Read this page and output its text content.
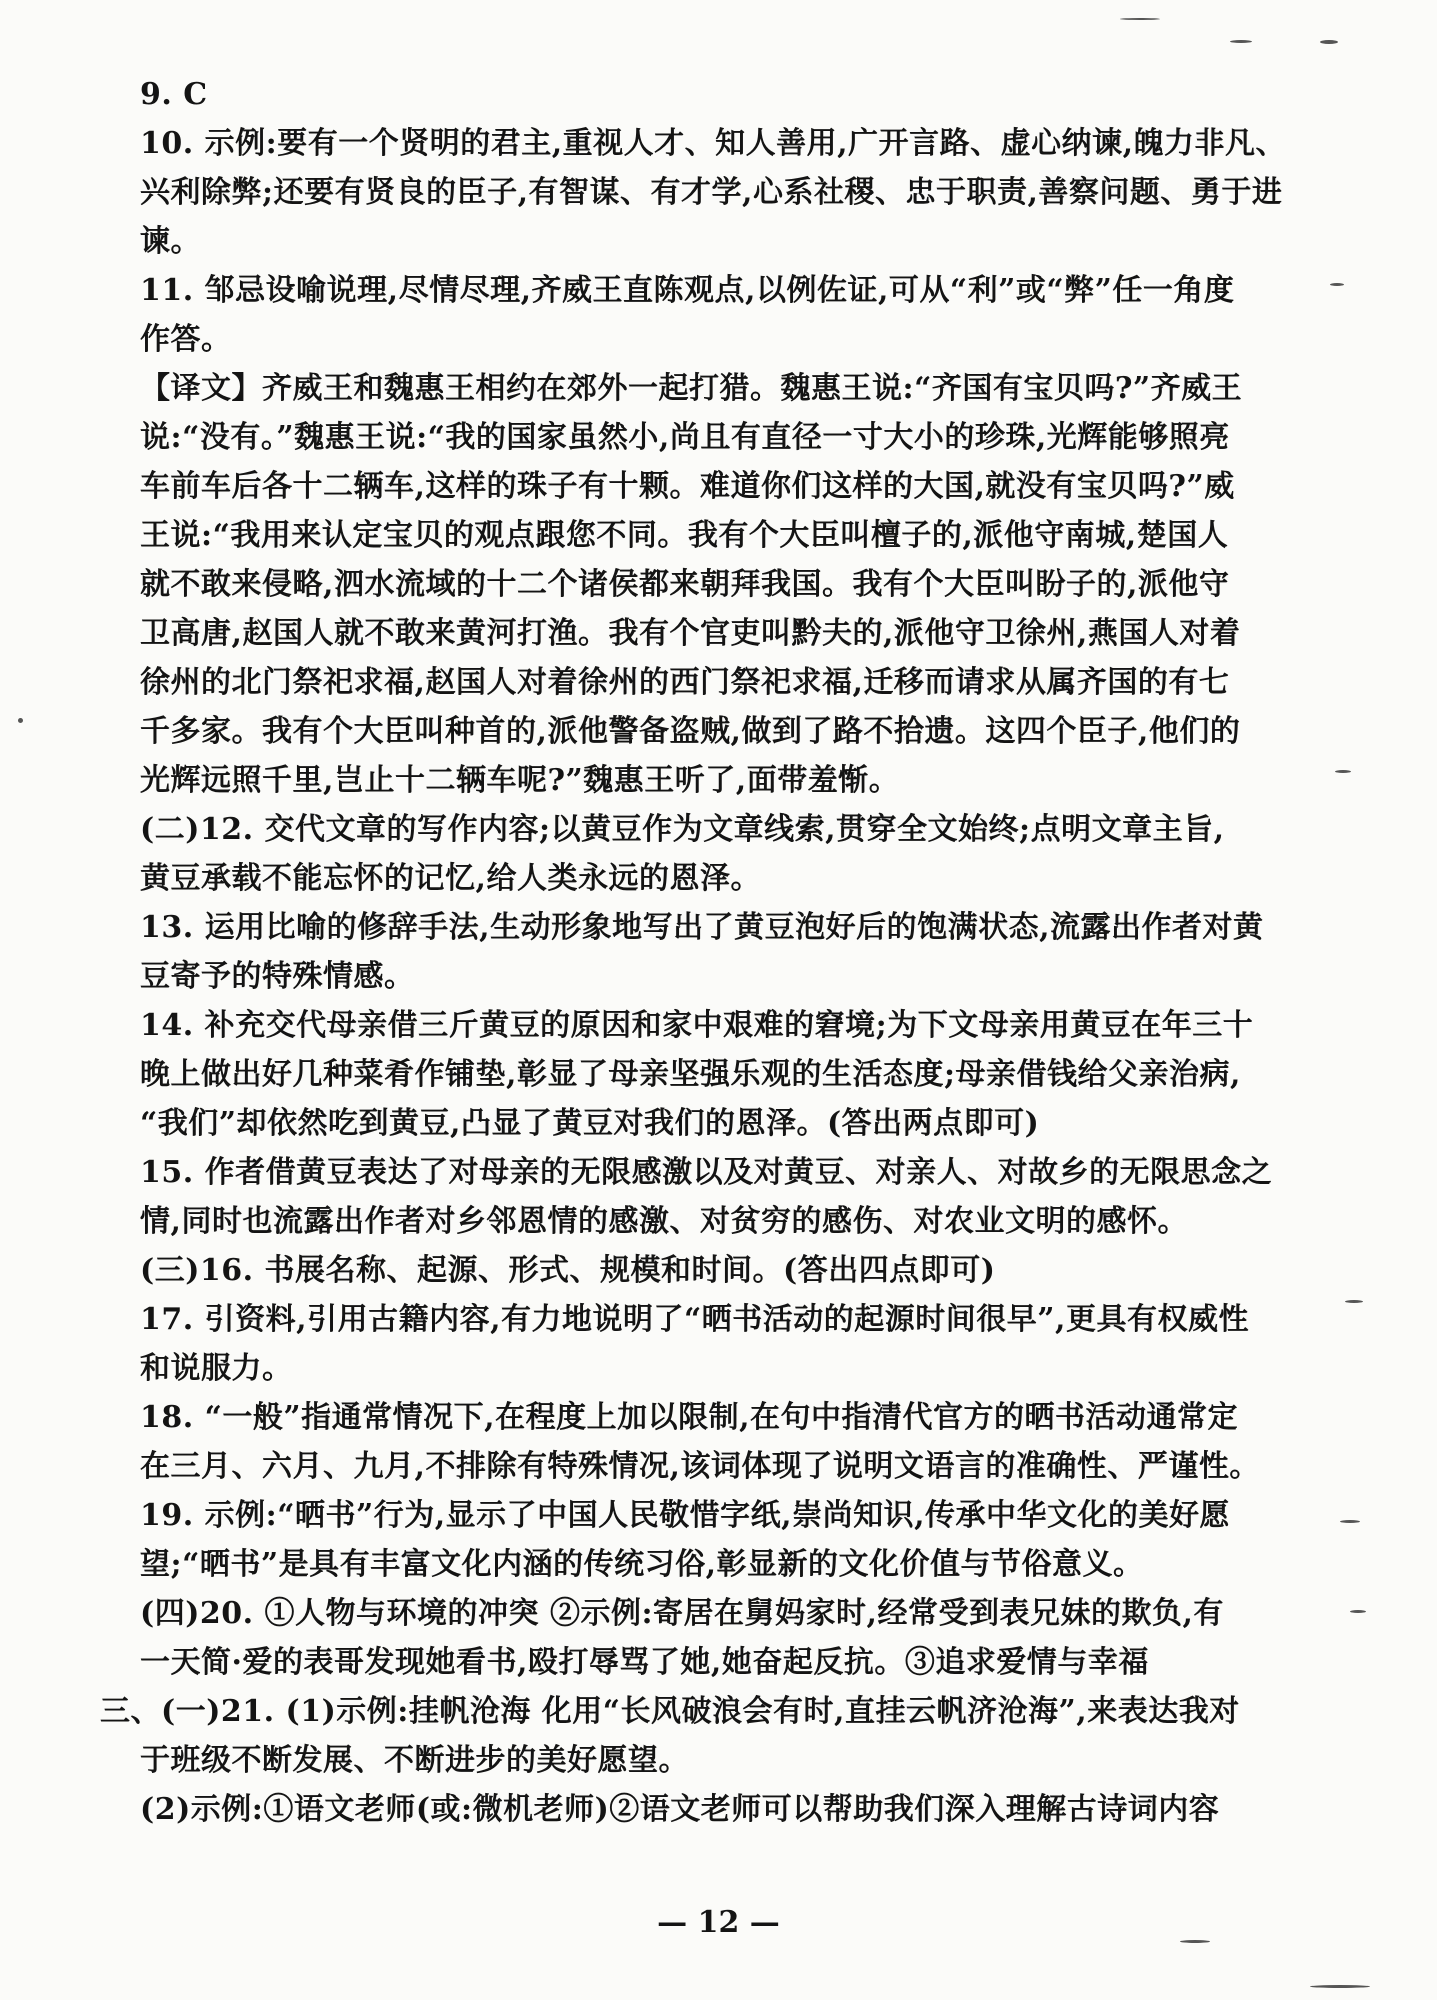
9. C
10. 示例:要有一个贤明的君主,重视人才、知人善用,广开言路、虚心纳谏,魄力非凡、
兴利除弊;还要有贤良的臣子,有智谋、有才学,心系社稷、忠于职责,善察问题、勇于进
谏。
11. 邹忌设喻说理,尽情尽理,齐威王直陈观点,以例佐证,可从“利”或“弊”任一角度
作答。
【译文】齐威王和魏惠王相约在郊外一起打猎。魏惠王说:“齐国有宝贝吗?”齐威王
说:“没有。”魏惠王说:“我的国家虽然小,尚且有直径一寸大小的珍珠,光辉能够照亮
车前车后各十二辆车,这样的珠子有十颗。难道你们这样的大国,就没有宝贝吗?”威
王说:“我用来认定宝贝的观点跟您不同。我有个大臣叫檀子的,派他守南城,楚国人
就不敢来侵略,泗水流域的十二个诸侯都来朝拜我国。我有个大臣叫盼子的,派他守
卫高唐,赵国人就不敢来黄河打渔。我有个官吏叫黔夫的,派他守卫徐州,燕国人对着
徐州的北门祭祀求福,赵国人对着徐州的西门祭祀求福,迁移而请求从属齐国的有七
千多家。我有个大臣叫种首的,派他警备盗贼,做到了路不拾遗。这四个臣子,他们的
光辉远照千里,岂止十二辆车呢?”魏惠王听了,面带羞惭。
(二)12. 交代文章的写作内容;以黄豆作为文章线索,贯穿全文始终;点明文章主旨,
黄豆承载不能忘怀的记忆,给人类永远的恩泽。
13. 运用比喻的修辞手法,生动形象地写出了黄豆泡好后的饱满状态,流露出作者对黄
豆寄予的特殊情感。
14. 补充交代母亲借三斤黄豆的原因和家中艰难的窘境;为下文母亲用黄豆在年三十
晚上做出好几种菜肴作铺垫,彰显了母亲坚强乐观的生活态度;母亲借钱给父亲治病,
“我们”却依然吃到黄豆,凸显了黄豆对我们的恩泽。(答出两点即可)
15. 作者借黄豆表达了对母亲的无限感激以及对黄豆、对亲人、对故乡的无限思念之
情,同时也流露出作者对乡邻恩情的感激、对贫穷的感伤、对农业文明的感怀。
(三)16. 书展名称、起源、形式、规模和时间。(答出四点即可)
17. 引资料,引用古籍内容,有力地说明了“晒书活动的起源时间很早”,更具有权威性
和说服力。
18. “一般”指通常情况下,在程度上加以限制,在句中指清代官方的晒书活动通常定
在三月、六月、九月,不排除有特殊情况,该词体现了说明文语言的准确性、严谨性。
19. 示例:“晒书”行为,显示了中国人民敬惜字纸,崇尚知识,传承中华文化的美好愿
望;“晒书”是具有丰富文化内涵的传统习俗,彰显新的文化价值与节俗意义。
(四)20. ①人物与环境的冲突 ②示例:寄居在舅妈家时,经常受到表兄妹的欺负,有
一天简·爱的表哥发现她看书,殴打辱骂了她,她奋起反抗。③追求爱情与幸福
三、(一)21. (1)示例:挂帆沧海 化用“长风破浪会有时,直挂云帆济沧海”,来表达我对
于班级不断发展、不断进步的美好愿望。
(2)示例:①语文老师(或:微机老师)②语文老师可以帮助我们深入理解古诗词内容
— 12 —
